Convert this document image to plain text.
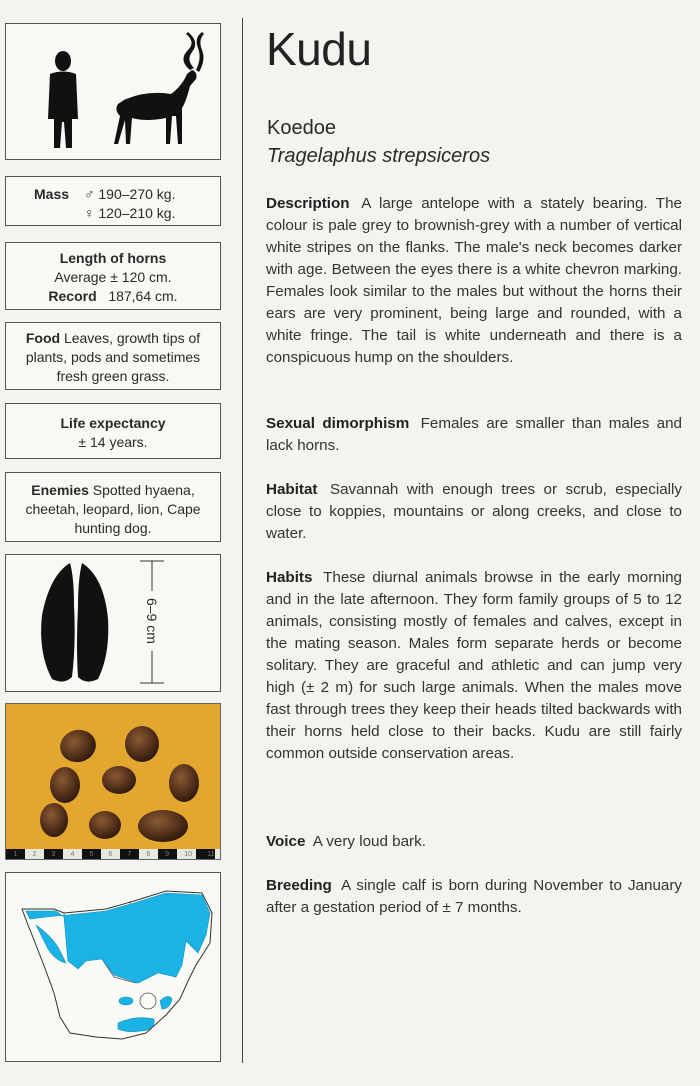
Kudu
Koedoe
Tragelaphus strepsiceros
Mass	♂ 190–270 kg.
♀ 120–210 kg.
Length of horns
Average ± 120 cm.
Record 187,64 cm.
Food Leaves, growth tips of plants, pods and sometimes fresh green grass.
Life expectancy
± 14 years.
Enemies Spotted hyaena, cheetah, leopard, lion, Cape hunting dog.
6–9 cm
1 2 3 4 5 6 7 8 9 10 11

Description A large antelope with a stately bearing. The colour is pale grey to brownish-grey with a number of vertical white stripes on the flanks. The male's neck becomes darker with age. Between the eyes there is a white chevron marking. Females look similar to the males but without the horns their ears are very prominent, being large and rounded, with a white fringe. The tail is white underneath and there is a conspicuous hump on the shoulders.

Sexual dimorphism Females are smaller than males and lack horns.

Habitat Savannah with enough trees or scrub, especially close to koppies, mountains or along creeks, and close to water.

Habits These diurnal animals browse in the early morning and in the late afternoon. They form family groups of 5 to 12 animals, consisting mostly of females and calves, except in the mating season. Males form separate herds or become solitary. They are graceful and athletic and can jump very high (± 2 m) for such large animals. When the males move fast through trees they keep their heads tilted backwards with their horns held close to their backs. Kudu are still fairly common outside conservation areas.

Voice A very loud bark.

Breeding A single calf is born during November to January after a gestation period of ± 7 months.
